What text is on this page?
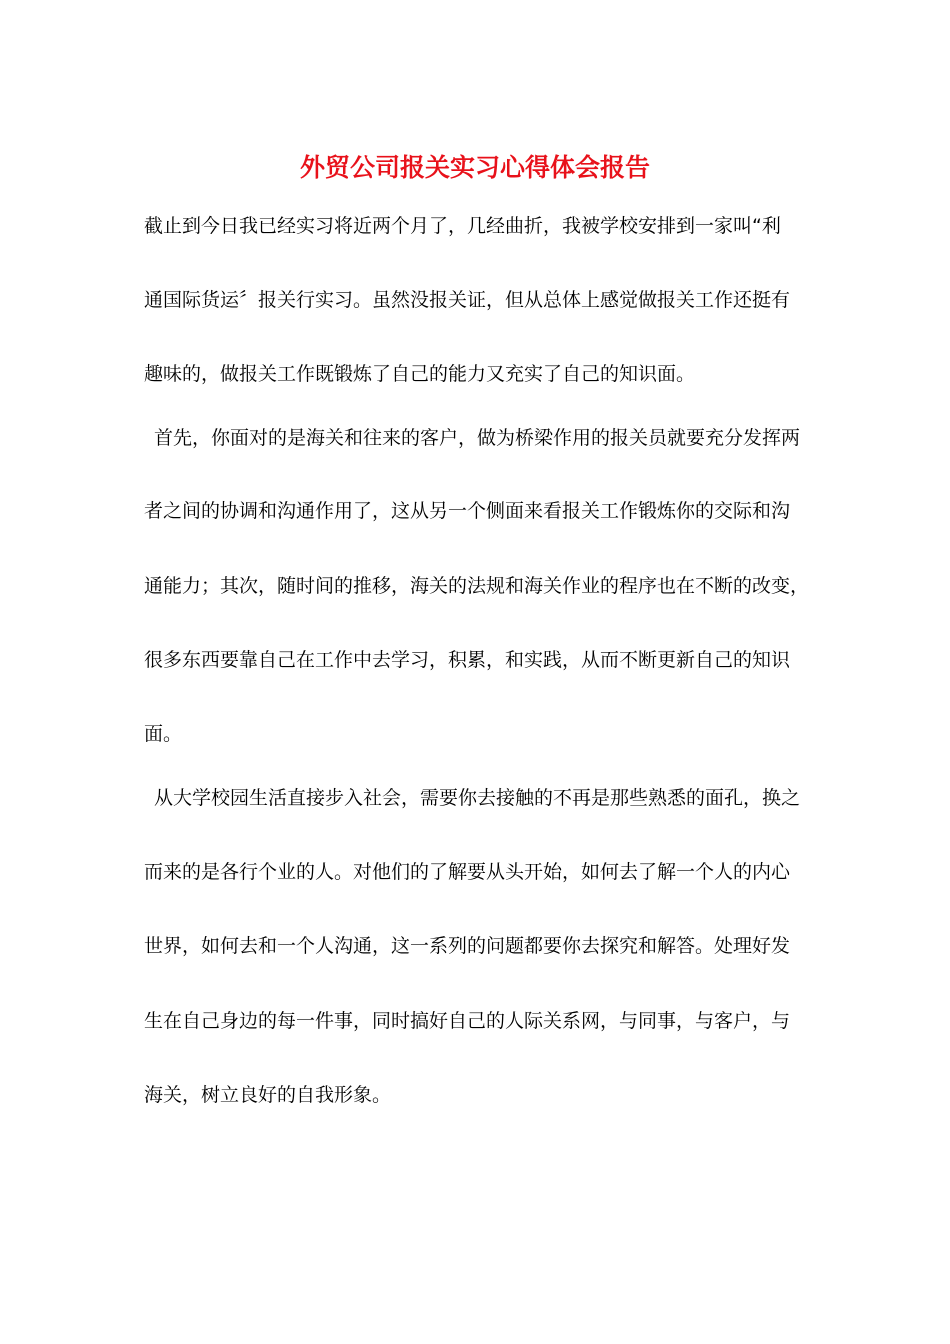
外贸公司报关实习心得体会报告

截止到今日我已经实习将近两个月了，几经曲折，我被学校安排到一家叫“利

通国际货运〞报关行实习。虽然没报关证，但从总体上感觉做报关工作还挺有

趣味的，做报关工作既锻炼了自己的能力又充实了自己的知识面。

首先，你面对的是海关和往来的客户，做为桥梁作用的报关员就要充分发挥两

者之间的协调和沟通作用了，这从另一个侧面来看报关工作锻炼你的交际和沟

通能力；其次，随时间的推移，海关的法规和海关作业的程序也在不断的改变，

很多东西要靠自己在工作中去学习，积累，和实践，从而不断更新自己的知识

面。

从大学校园生活直接步入社会，需要你去接触的不再是那些熟悉的面孔，换之

而来的是各行个业的人。对他们的了解要从头开始，如何去了解一个人的内心

世界，如何去和一个人沟通，这一系列的问题都要你去探究和解答。处理好发

生在自己身边的每一件事，同时搞好自己的人际关系网，与同事，与客户，与

海关，树立良好的自我形象。
